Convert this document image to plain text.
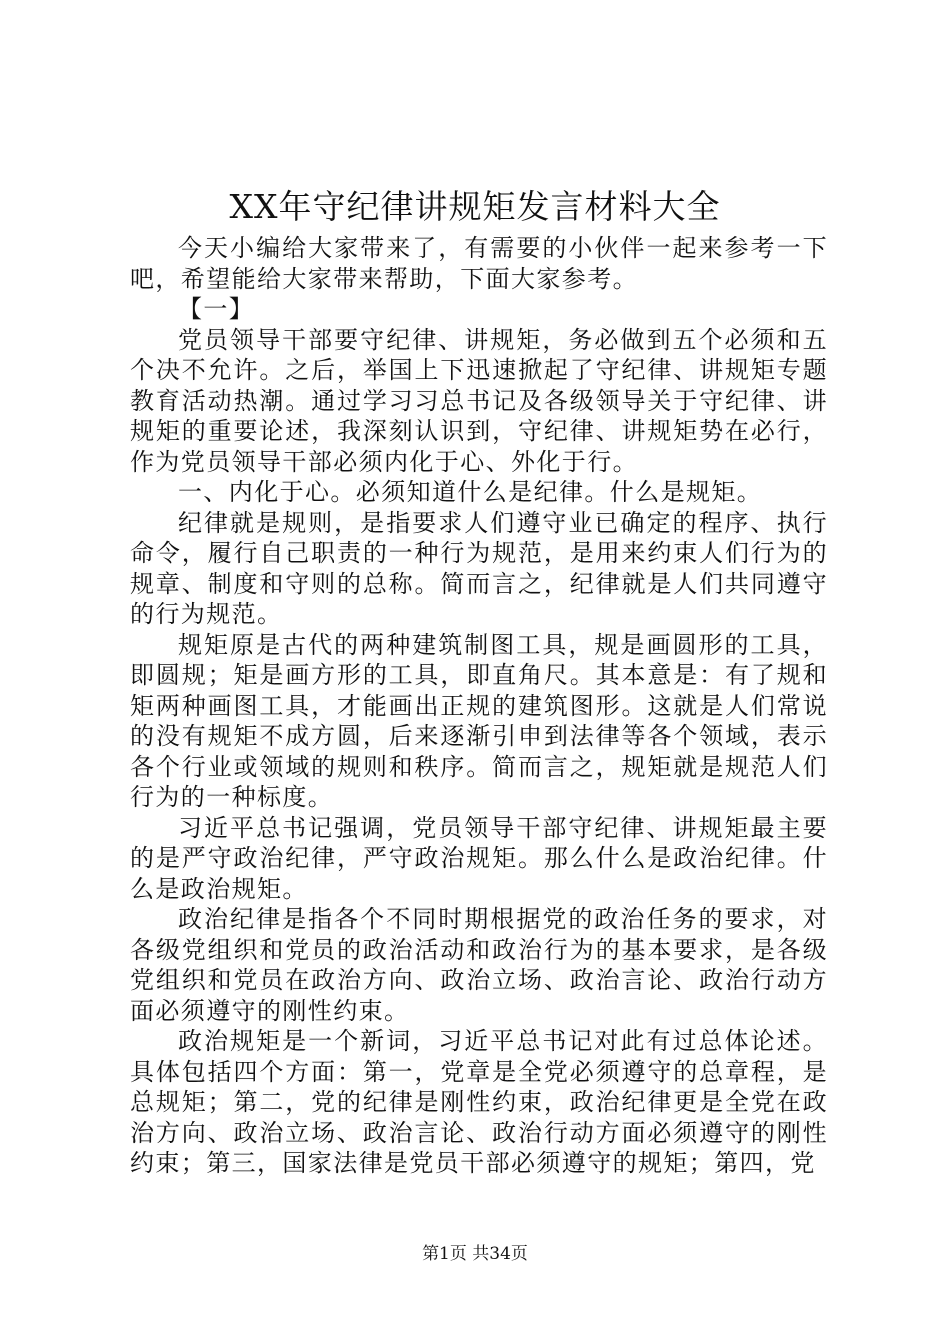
XX年守纪律讲规矩发言材料大全

今天小编给大家带来了，有需要的小伙伴一起来参考一下吧，希望能给大家带来帮助，下面大家参考。

【一】

党员领导干部要守纪律、讲规矩，务必做到五个必须和五个决不允许。之后，举国上下迅速掀起了守纪律、讲规矩专题教育活动热潮。通过学习习总书记及各级领导关于守纪律、讲规矩的重要论述，我深刻认识到，守纪律、讲规矩势在必行，作为党员领导干部必须内化于心、外化于行。

一、内化于心。必须知道什么是纪律。什么是规矩。

纪律就是规则，是指要求人们遵守业已确定的程序、执行命令，履行自己职责的一种行为规范，是用来约束人们行为的规章、制度和守则的总称。简而言之，纪律就是人们共同遵守的行为规范。

规矩原是古代的两种建筑制图工具，规是画圆形的工具，即圆规；矩是画方形的工具，即直角尺。其本意是：有了规和矩两种画图工具，才能画出正规的建筑图形。这就是人们常说的没有规矩不成方圆，后来逐渐引申到法律等各个领域，表示各个行业或领域的规则和秩序。简而言之，规矩就是规范人们行为的一种标度。

习近平总书记强调，党员领导干部守纪律、讲规矩最主要的是严守政治纪律，严守政治规矩。那么什么是政治纪律。什么是政治规矩。

政治纪律是指各个不同时期根据党的政治任务的要求，对各级党组织和党员的政治活动和政治行为的基本要求，是各级党组织和党员在政治方向、政治立场、政治言论、政治行动方面必须遵守的刚性约束。

政治规矩是一个新词，习近平总书记对此有过总体论述。具体包括四个方面：第一，党章是全党必须遵守的总章程，是总规矩；第二，党的纪律是刚性约束，政治纪律更是全党在政治方向、政治立场、政治言论、政治行动方面必须遵守的刚性约束；第三，国家法律是党员干部必须遵守的规矩；第四，党

第1页 共34页
